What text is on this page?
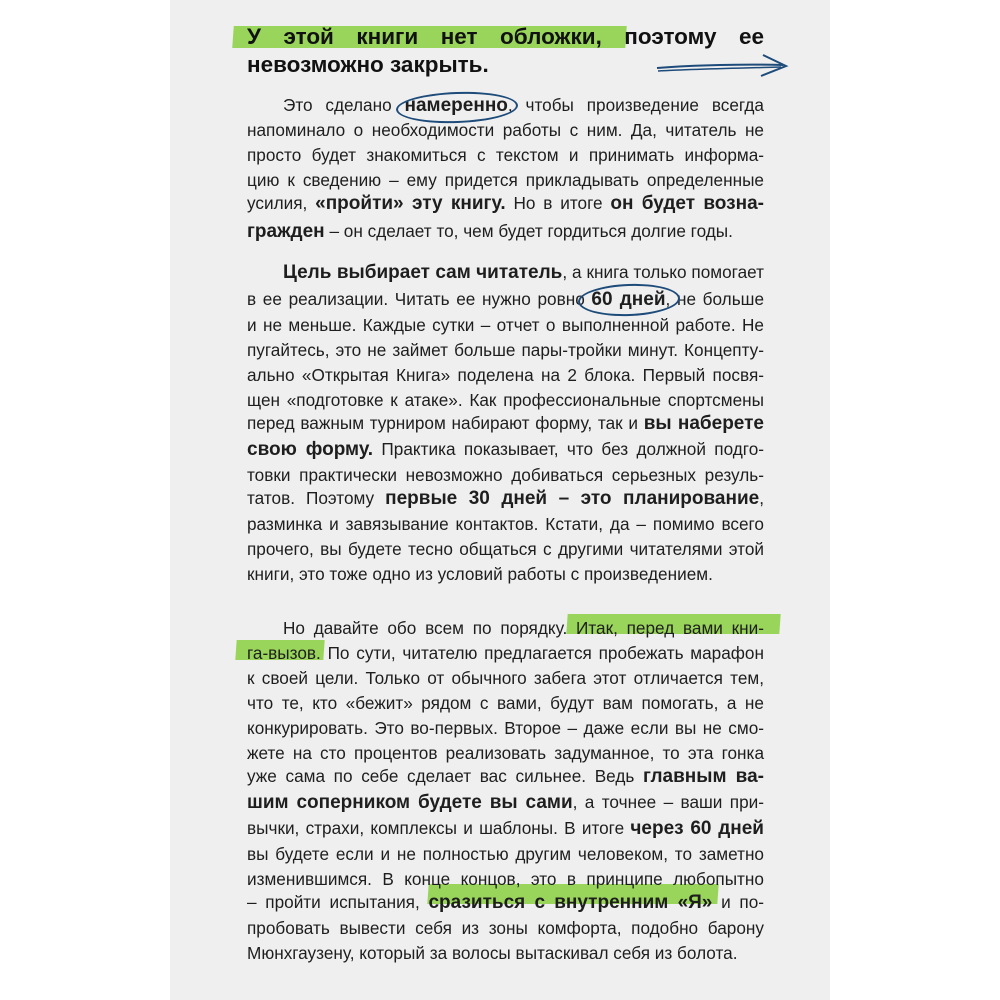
У этой книги нет обложки, поэтому ее
невозможно закрыть.
Это сделано намеренно, чтобы произведение всегда
напоминало о необходимости работы с ним. Да, читатель не
просто будет знакомиться с текстом и принимать информа-
цию к сведению – ему придется прикладывать определенные
усилия, «пройти» эту книгу. Но в итоге он будет возна-
гражден – он сделает то, чем будет гордиться долгие годы.
Цель выбирает сам читатель, а книга только помогает
в ее реализации. Читать ее нужно ровно 60 дней, не больше
и не меньше. Каждые сутки – отчет о выполненной работе. Не
пугайтесь, это не займет больше пары-тройки минут. Концепту-
ально «Открытая Книга» поделена на 2 блока. Первый посвя-
щен «подготовке к атаке». Как профессиональные спортсмены
перед важным турниром набирают форму, так и вы наберете
свою форму. Практика показывает, что без должной подго-
товки практически невозможно добиваться серьезных резуль-
татов. Поэтому первые 30 дней – это планирование,
разминка и завязывание контактов. Кстати, да – помимо всего
прочего, вы будете тесно общаться с другими читателями этой
книги, это тоже одно из условий работы с произведением.
Но давайте обо всем по порядку. Итак, перед вами кни-
га-вызов. По сути, читателю предлагается пробежать марафон
к своей цели. Только от обычного забега этот отличается тем,
что те, кто «бежит» рядом с вами, будут вам помогать, а не
конкурировать. Это во-первых. Второе – даже если вы не смо-
жете на сто процентов реализовать задуманное, то эта гонка
уже сама по себе сделает вас сильнее. Ведь главным ва-
шим соперником будете вы сами, а точнее – ваши при-
вычки, страхи, комплексы и шаблоны. В итоге через 60 дней
вы будете если и не полностью другим человеком, то заметно
изменившимся. В конце концов, это в принципе любопытно
– пройти испытания, сразиться с внутренним «Я» и по-
пробовать вывести себя из зоны комфорта, подобно барону
Мюнхгаузену, который за волосы вытаскивал себя из болота.
